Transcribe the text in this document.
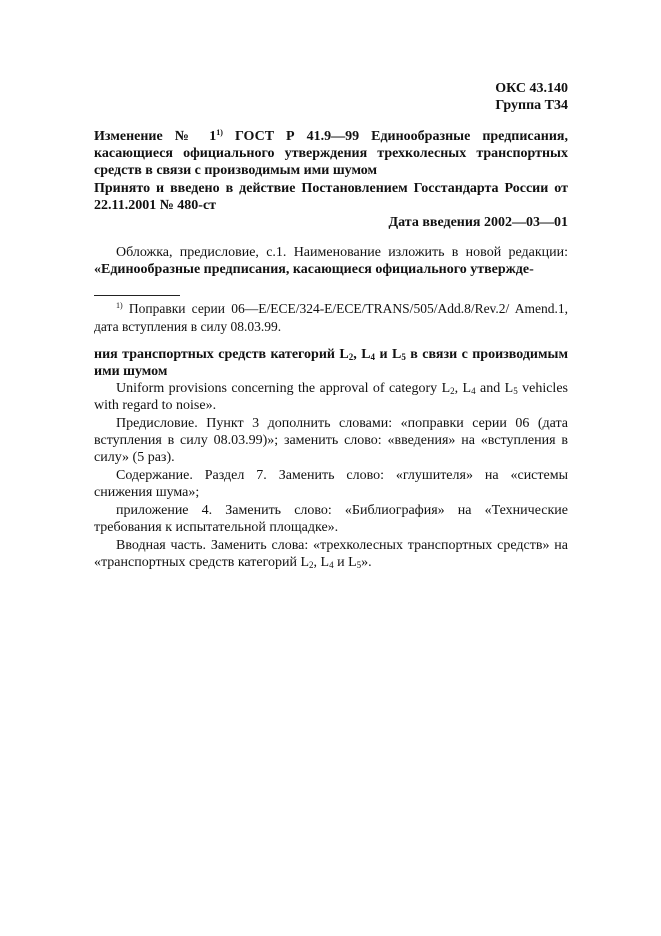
ОКС 43.140

Группа Т34

Изменение № 1$^{1)}$ ГОСТ Р 41.9—99 Единообразные предписания, касающиеся официального утверждения трехколесных транспортных средств в связи с производимым ими шумом
Принято и введено в действие Постановлением Госстандарта России от 22.11.2001 № 480-ст
Дата введения 2002—03—01
Обложка, предисловие, с.1. Наименование изложить в новой редакции: «Единообразные предписания, касающиеся официального утвержде-
$^{1)}$ Поправки серии 06—E/ECE/324-E/ECE/TRANS/505/Add.8/Rev.2/ Amend.1, дата вступления в силу 08.03.99.
ния транспортных средств категорий $L_2$, $L_4$ и $L_5$ в связи с производимым ими шумом
Uniform provisions concerning the approval of category $L_2$, $L_4$ and $L_5$ vehicles with regard to noise».
Предисловие. Пункт 3 дополнить словами: «поправки серии 06 (дата вступления в силу 08.03.99)»; заменить слово: «введения» на «вступления в силу» (5 раз).
Содержание. Раздел 7. Заменить слово: «глушителя» на «системы снижения шума»;
приложение 4. Заменить слово: «Библиография» на «Технические требования к испытательной площадке».
Вводная часть. Заменить слова: «трехколесных транспортных средств» на «транспортных средств категорий $L_2$, $L_4$ и $L_5$».
